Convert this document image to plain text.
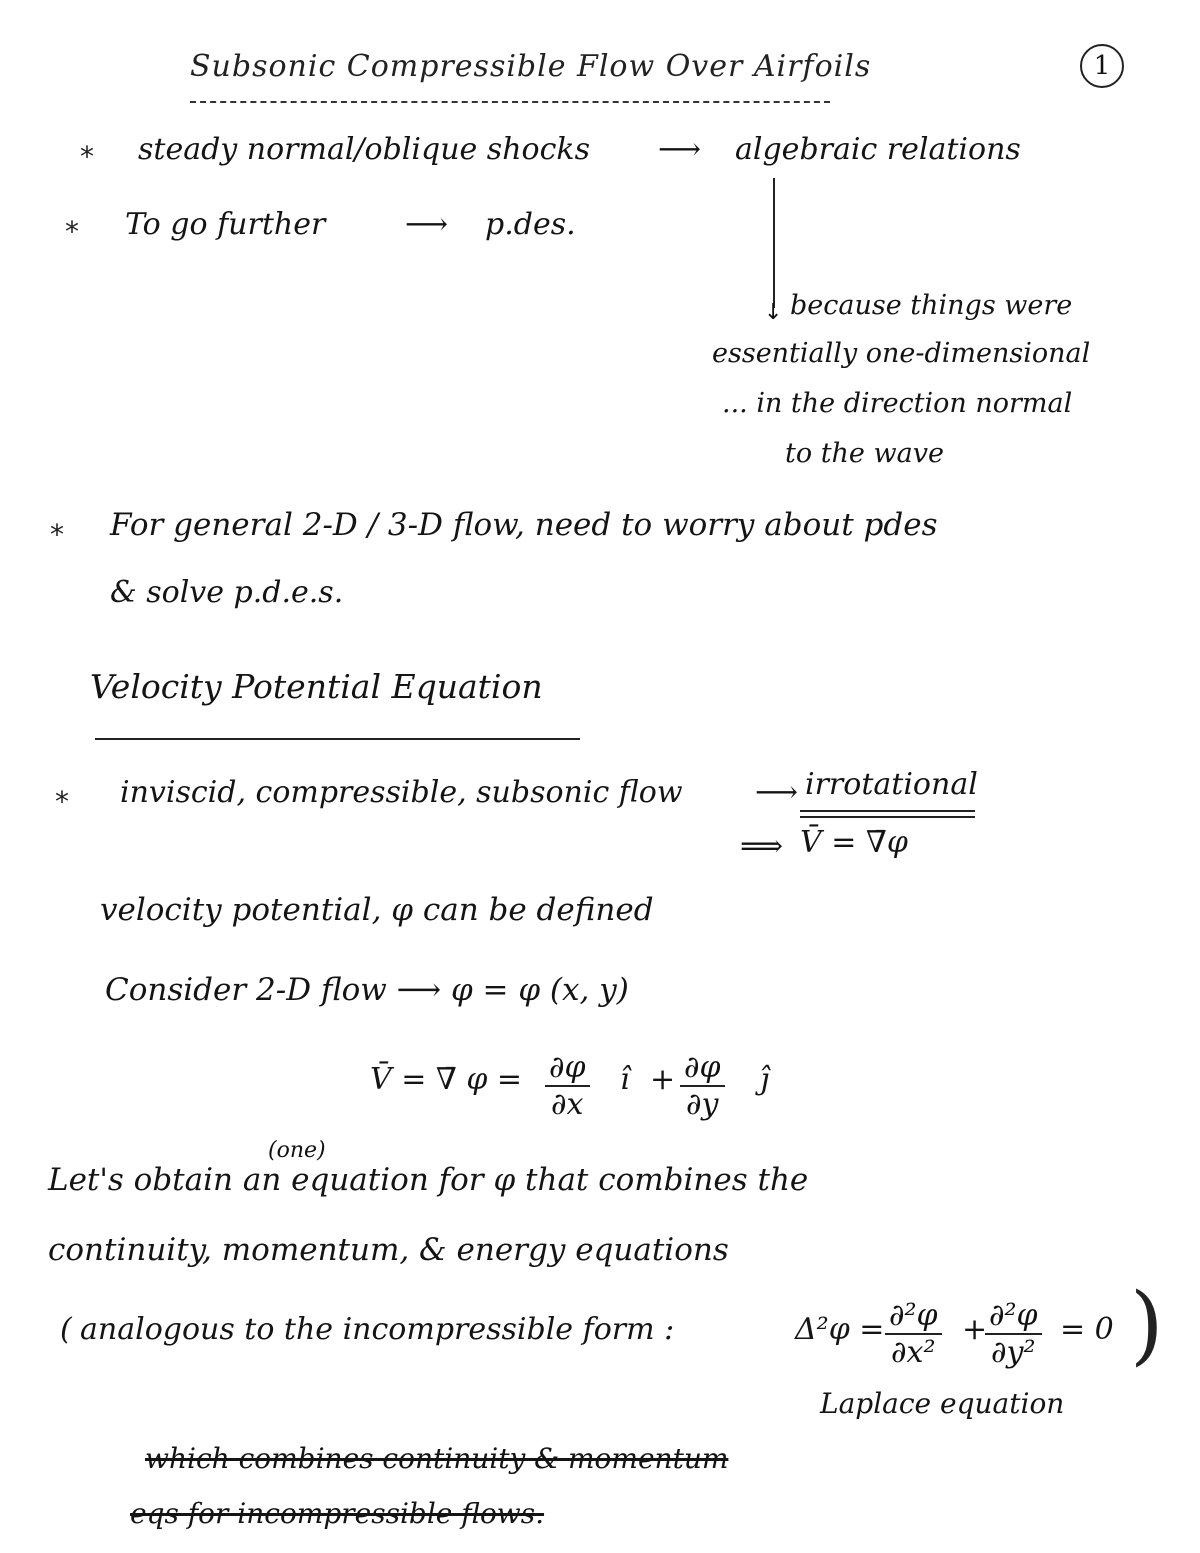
Subsonic Compressible Flow Over Airfoils	1
* steady normal/oblique shocks ⟶ algebraic relations
↓
* To go further	⟶ p.des.
because things were
essentially one-dimensional
... in the direction normal
to the wave
* For general 2-D / 3-D flow, need to worry about pdes
& solve p.d.e.s.
Velocity Potential Equation
* inviscid, compressible, subsonic flow ⟶ irrotational
⟹ V̄ = ∇̄φ
velocity potential, φ can be defined
Consider 2-D flow ⟶ φ = φ (x, y)
V̄ = ∇̄ $\varphi = \frac{\partial\varphi}{\partial x}$ î + $\frac{\partial\varphi}{\partial y}$ ĵ
(one)
Let's obtain an equation for φ that combines the
continuity, momentum, & energy equations
( analogous to the incompressible form :	$\Delta^2\varphi = \frac{\text{∂²φ}}{\text{∂x²}}$ +
$\frac{\text{∂²φ}}{\text{∂y²}} = 0$ )
Laplace equation
which combines continuity & momentum
eqs for incompressible flows.
